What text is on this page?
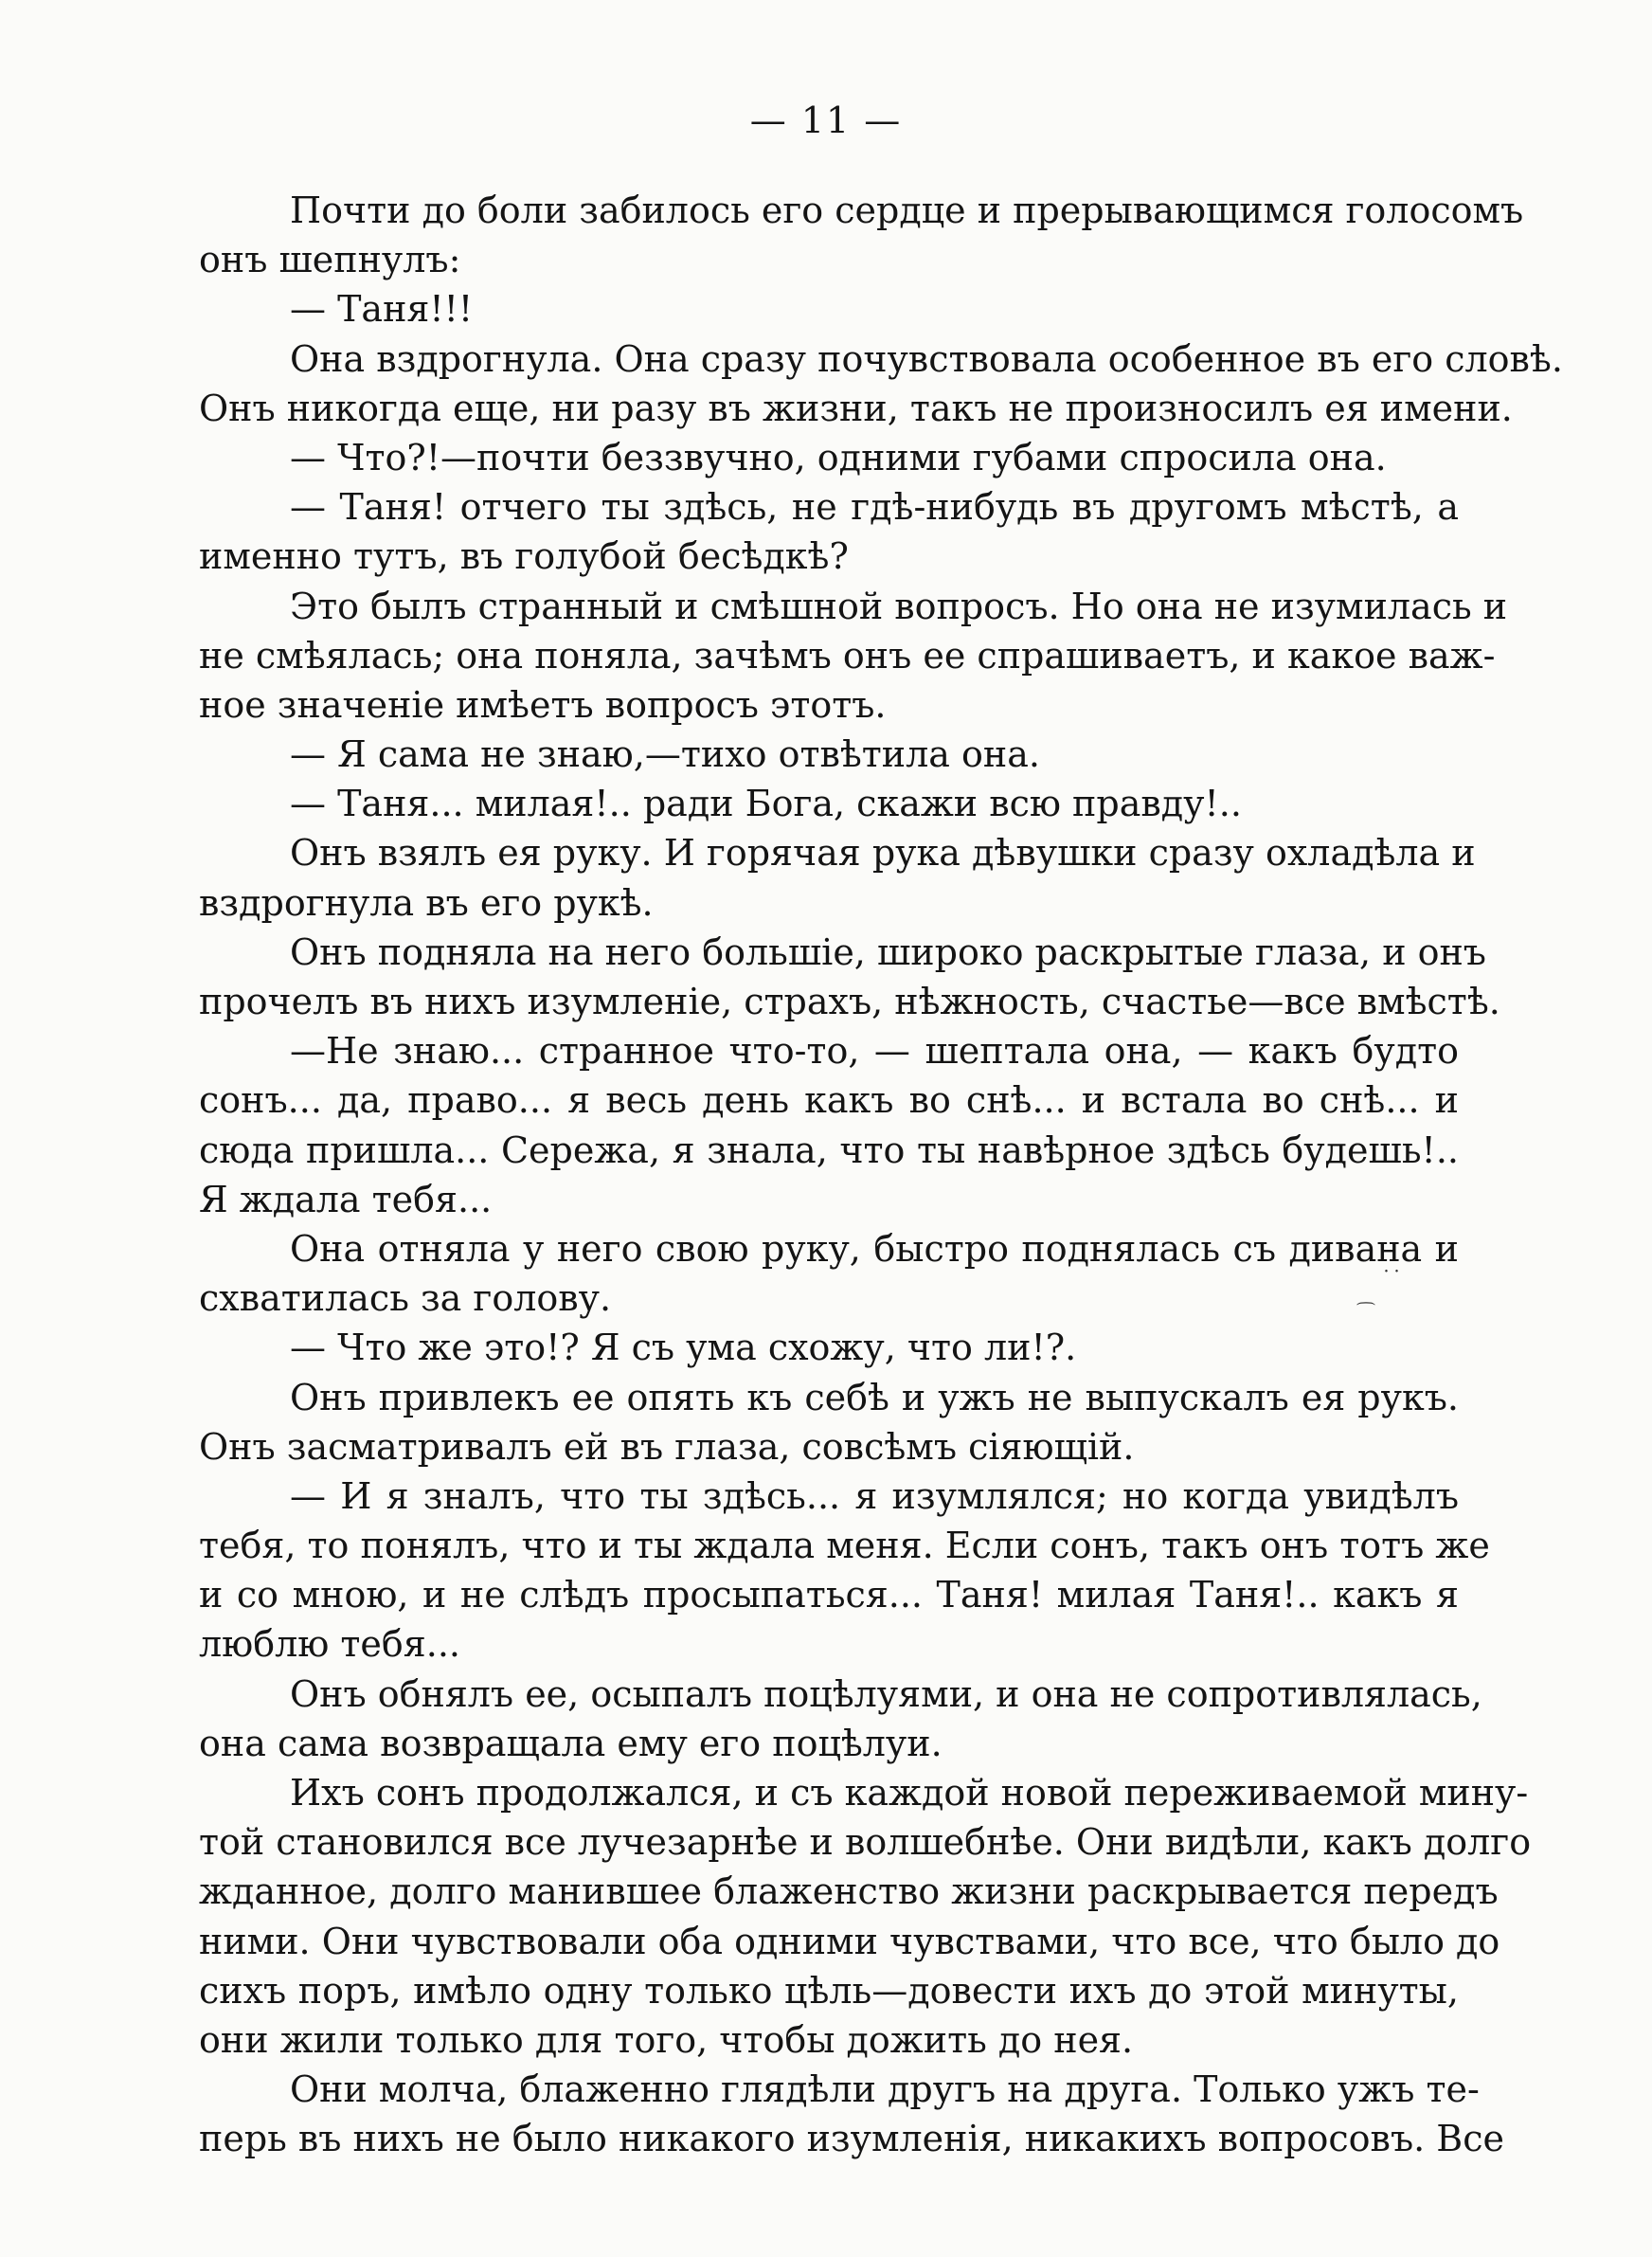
— 11 —
Почти до боли забилось его сердце и прерывающимся голосомъ
онъ шепнулъ:
— Таня!!!
Она вздрогнула. Она сразу почувствовала особенное въ его словѣ.
Онъ никогда еще, ни разу въ жизни, такъ не произносилъ ея имени.
— Что?!—почти беззвучно, одними губами спросила она.
— Таня! отчего ты здѣсь, не гдѣ-нибудь въ другомъ мѣстѣ, а
именно тутъ, въ голубой бесѣдкѣ?
Это былъ странный и смѣшной вопросъ. Но она не изумилась и
не смѣялась; она поняла, зачѣмъ онъ ее спрашиваетъ, и какое важ-
ное значеніе имѣетъ вопросъ этотъ.
— Я сама не знаю,—тихо отвѣтила она.
— Таня... милая!.. ради Бога, скажи всю правду!..
Онъ взялъ ея руку. И горячая рука дѣвушки сразу охладѣла и
вздрогнула въ его рукѣ.
Онъ подняла на него большіе, широко раскрытые глаза, и онъ
прочелъ въ нихъ изумленіе, страхъ, нѣжность, счастье—все вмѣстѣ.
—Не знаю... странное что-то, — шептала она, — какъ будто
сонъ... да, право... я весь день какъ во снѣ... и встала во снѣ... и
сюда пришла... Сережа, я знала, что ты навѣрное здѣсь будешь!..
Я ждала тебя...
Она отняла у него свою руку, быстро поднялась съ дивана и
схватилась за голову.
— Что же это!? Я съ ума схожу, что ли!?.
Онъ привлекъ ее опять къ себѣ и ужъ не выпускалъ ея рукъ.
Онъ засматривалъ ей въ глаза, совсѣмъ сіяющій.
— И я зналъ, что ты здѣсь... я изумлялся; но когда увидѣлъ
тебя, то понялъ, что и ты ждала меня. Если сонъ, такъ онъ тотъ же
и со мною, и не слѣдъ просыпаться... Таня! милая Таня!.. какъ я
люблю тебя...
Онъ обнялъ ее, осыпалъ поцѣлуями, и она не сопротивлялась,
она сама возвращала ему его поцѣлуи.
Ихъ сонъ продолжался, и съ каждой новой переживаемой мину-
той становился все лучезарнѣе и волшебнѣе. Они видѣли, какъ долго
жданное, долго манившее блаженство жизни раскрывается передъ
ними. Они чувствовали оба одними чувствами, что все, что было до
сихъ поръ, имѣло одну только цѣль—довести ихъ до этой минуты,
они жили только для того, чтобы дожить до нея.
Они молча, блаженно глядѣли другъ на друга. Только ужъ те-
перь въ нихъ не было никакого изумленія, никакихъ вопросовъ. Все
˙˙
